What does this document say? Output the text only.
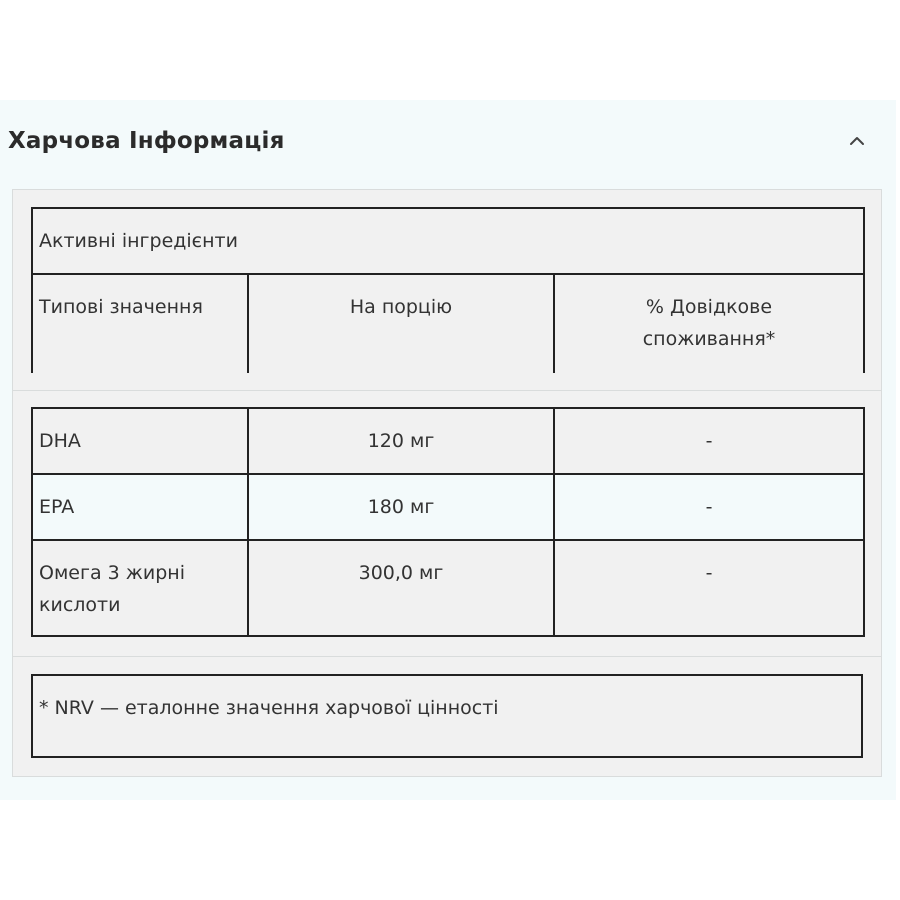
Харчова Інформація
Активні інгредієнти

Типові значення	На порцію	% Довідкове
споживання*
DHA	120 мг	-

EPA	180 мг	-

Омега 3 жирні
кислоти	300,0 мг	-
* NRV — еталонне значення харчової цінності
